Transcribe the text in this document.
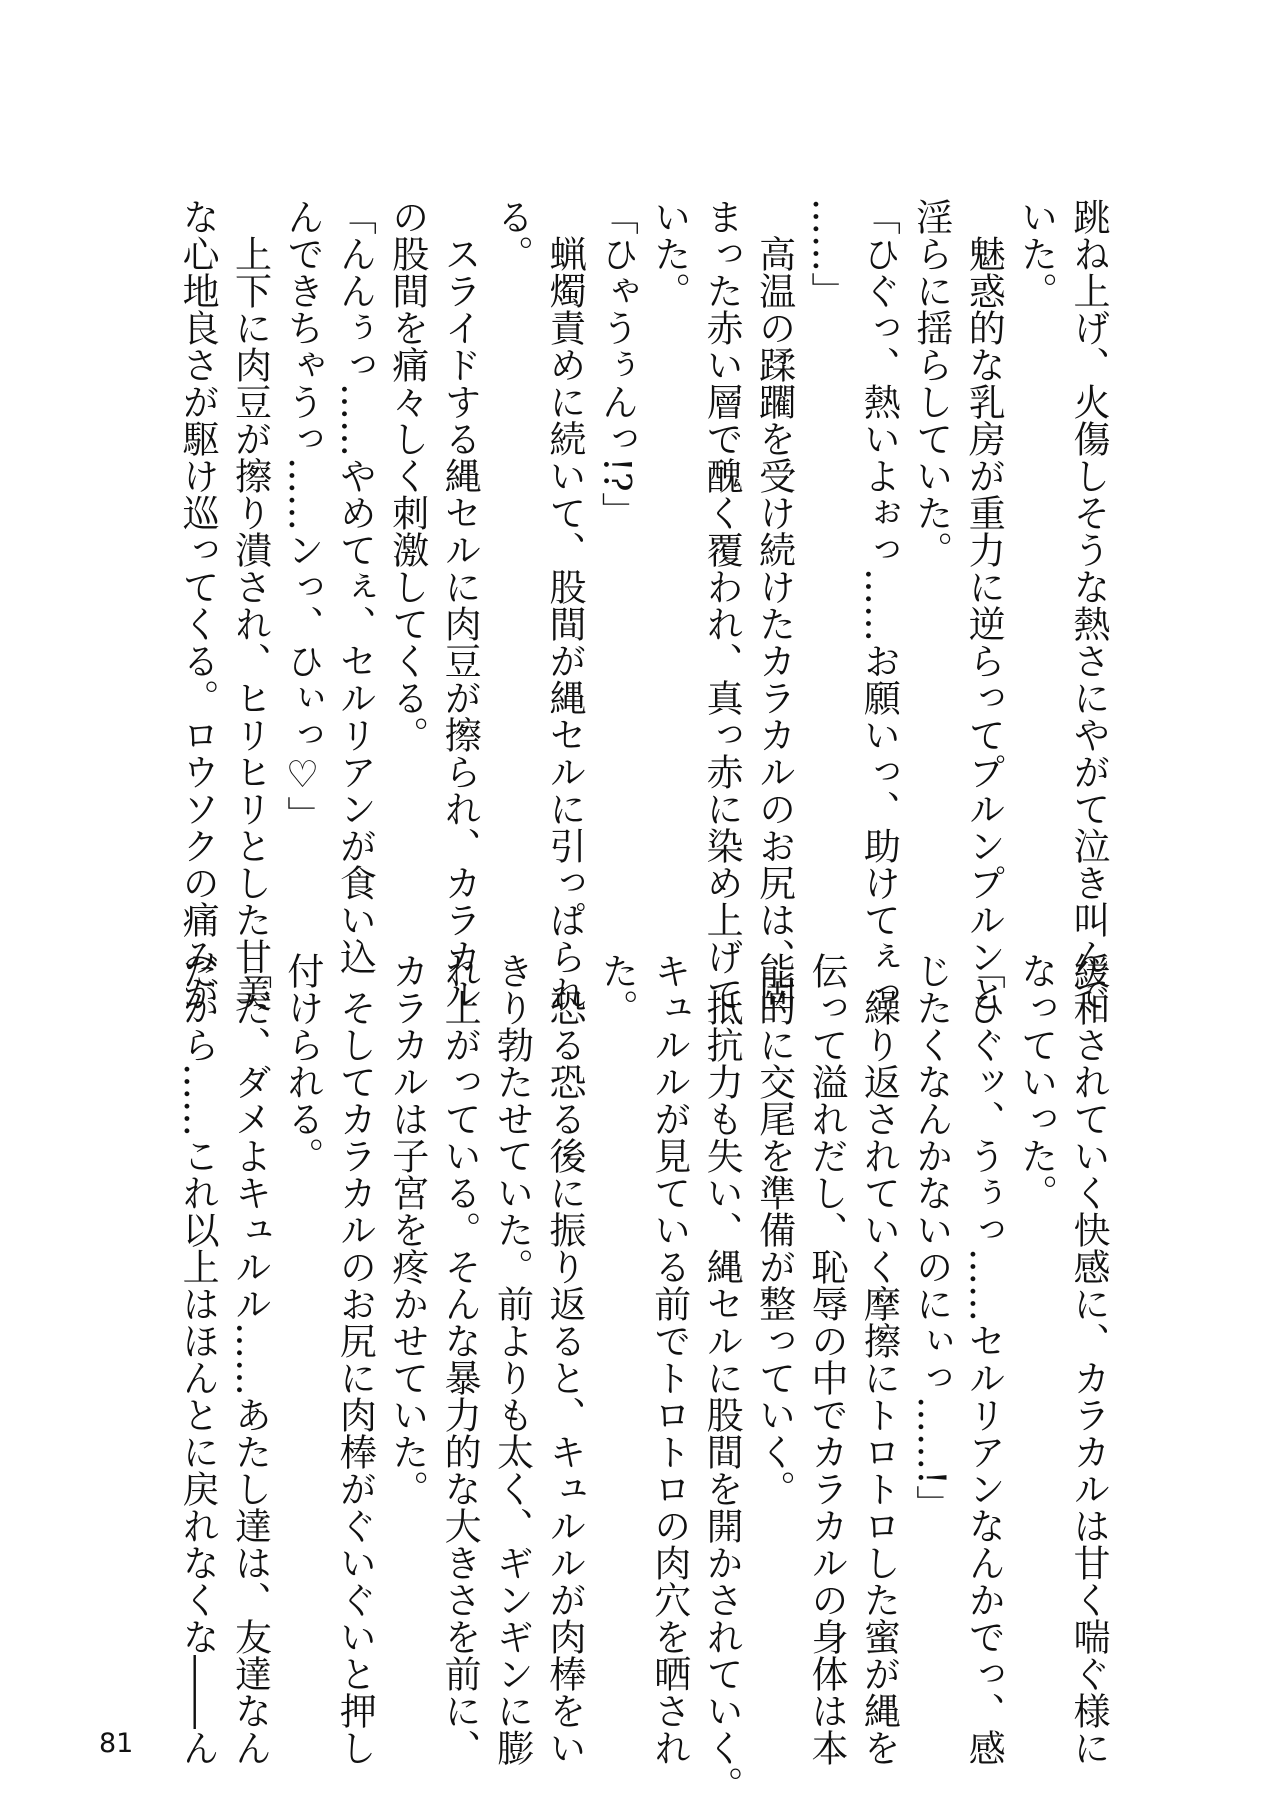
跳ね上げ、火傷しそうな熱さにやがて泣き叫んで
いた。
　魅惑的な乳房が重力に逆らってプルンプルンと
淫らに揺らしていた。
「ひぐっ、熱いよぉっ……お願いっ、助けてぇっ
……」
　高温の蹂躙を受け続けたカラカルのお尻は、固
まった赤い層で醜く覆われ、真っ赤に染め上げて
いた。
「ひゃうぅんっ!?」
　蝋燭責めに続いて、股間が縄セルに引っぱられ
る。
　スライドする縄セルに肉豆が擦られ、カラカル
の股間を痛々しく刺激してくる。
「んんぅっ……やめてぇ、セルリアンが食い込
んできちゃうっ……ンっ、ひぃっ♡」
　上下に肉豆が擦り潰され、ヒリヒリとした甘美
な心地良さが駆け巡ってくる。ロウソクの痛みが
緩和されていく快感に、カラカルは甘く喘ぐ様に
なっていった。
「ひぐッ、うぅっ……セルリアンなんかでっ、感
じたくなんかないのにぃっ……!」
　繰り返されていく摩擦にトロトロした蜜が縄を
伝って溢れだし、恥辱の中でカラカルの身体は本
能的に交尾を準備が整っていく。
　抵抗力も失い、縄セルに股間を開かされていく。
キュルルが見ている前でトロトロの肉穴を晒され
た。
　恐る恐る後に振り返ると、キュルルが肉棒をい
きり勃たせていた。前よりも太く、ギンギンに膨
れ上がっている。そんな暴力的な大きさを前に、
カラカルは子宮を疼かせていた。
　そしてカラカルのお尻に肉棒がぐいぐいと押し
付けられる。
「だ、ダメよキュルル……あたし達は、友達なん
だから……これ以上はほんとに戻れなくな――ん
81
